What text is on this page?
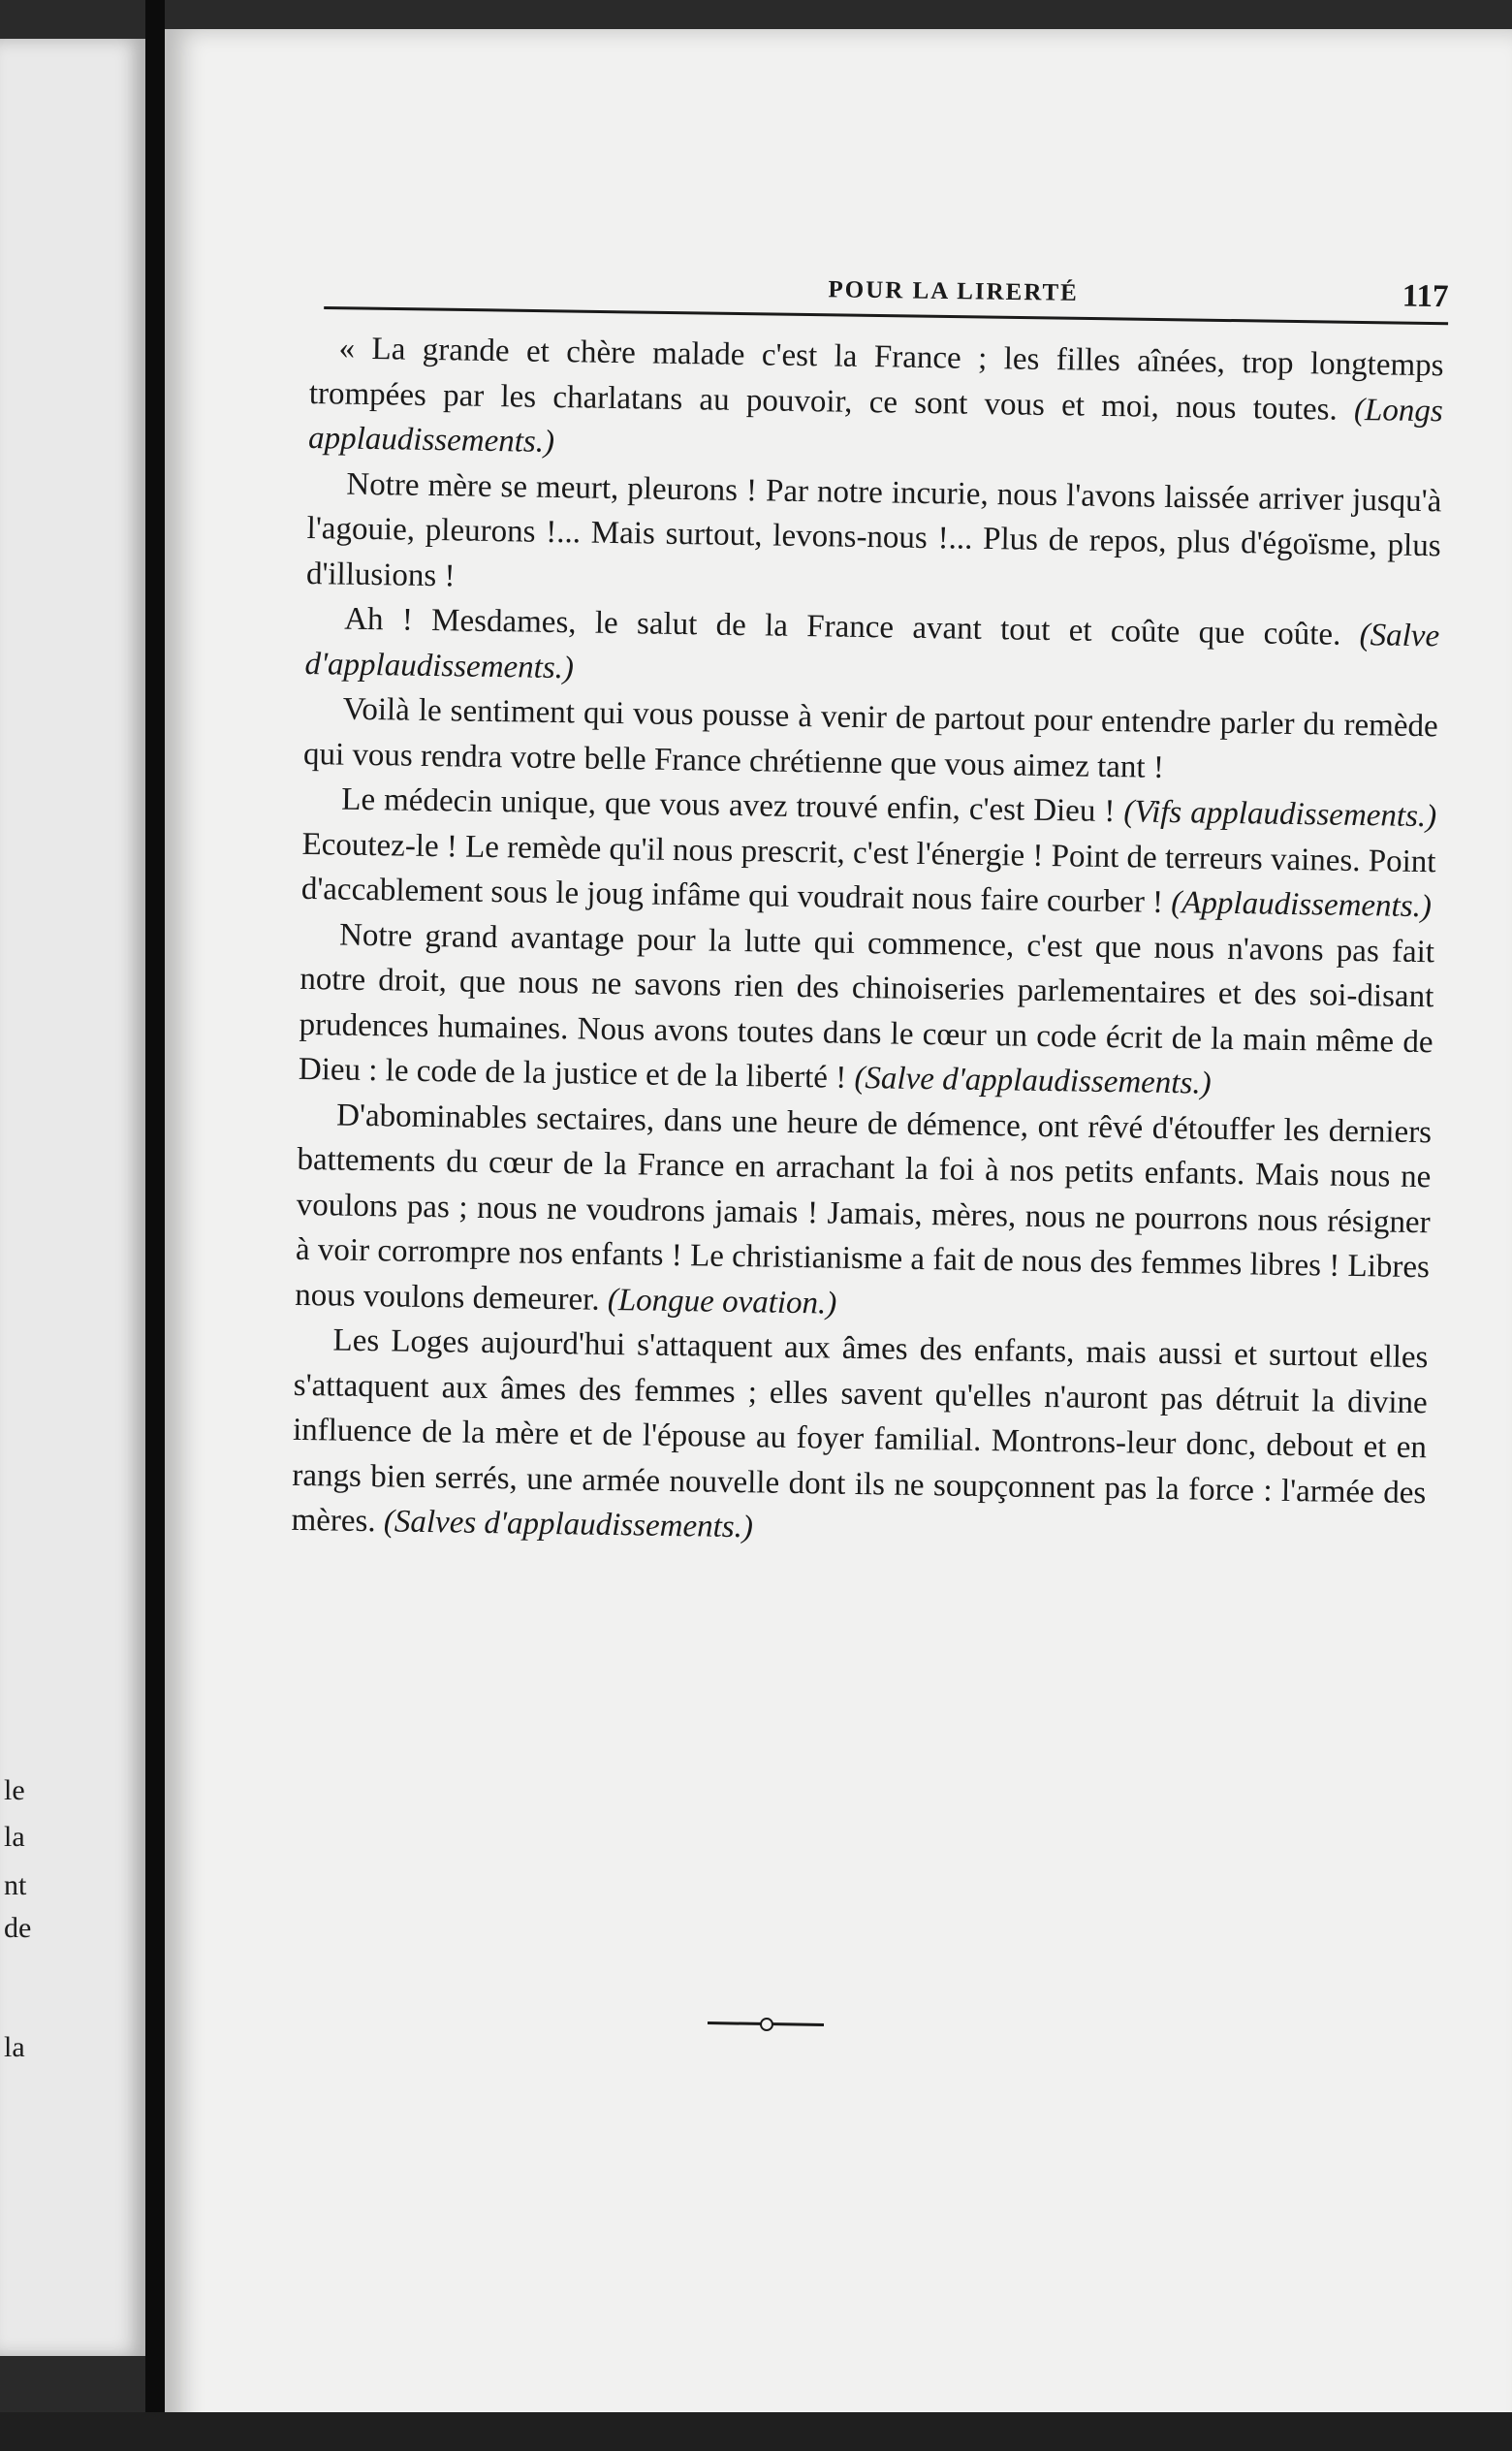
le
la
nt
de
la
POUR LA LIRERTÉ	117

« La grande et chère malade c'est la France ; les filles aînées, trop longtemps trompées par les charlatans au pouvoir, ce sont vous et moi, nous toutes. (Longs applaudissements.)

Notre mère se meurt, pleurons ! Par notre incurie, nous l'avons laissée arriver jusqu'à l'agouie, pleurons !... Mais surtout, levons-nous !... Plus de repos, plus d'égoïsme, plus d'illusions !

Ah ! Mesdames, le salut de la France avant tout et coûte que coûte. (Salve d'applaudissements.)

Voilà le sentiment qui vous pousse à venir de partout pour entendre parler du remède qui vous rendra votre belle France chrétienne que vous aimez tant !

Le médecin unique, que vous avez trouvé enfin, c'est Dieu ! (Vifs applaudissements.) Ecoutez-le ! Le remède qu'il nous prescrit, c'est l'énergie ! Point de terreurs vaines. Point d'accablement sous le joug infâme qui voudrait nous faire courber ! (Applaudissements.)

Notre grand avantage pour la lutte qui commence, c'est que nous n'avons pas fait notre droit, que nous ne savons rien des chinoiseries parlementaires et des soi-disant prudences humaines. Nous avons toutes dans le cœur un code écrit de la main même de Dieu : le code de la justice et de la liberté ! (Salve d'applaudissements.)

D'abominables sectaires, dans une heure de démence, ont rêvé d'étouffer les derniers battements du cœur de la France en arrachant la foi à nos petits enfants. Mais nous ne voulons pas ; nous ne voudrons jamais ! Jamais, mères, nous ne pourrons nous résigner à voir corrompre nos enfants ! Le christianisme a fait de nous des femmes libres ! Libres nous voulons demeurer. (Longue ovation.)

Les Loges aujourd'hui s'attaquent aux âmes des enfants, mais aussi et surtout elles s'attaquent aux âmes des femmes ; elles savent qu'elles n'auront pas détruit la divine influence de la mère et de l'épouse au foyer familial. Montrons-leur donc, debout et en rangs bien serrés, une armée nouvelle dont ils ne soupçonnent pas la force : l'armée des mères. (Salves d'applaudissements.)
